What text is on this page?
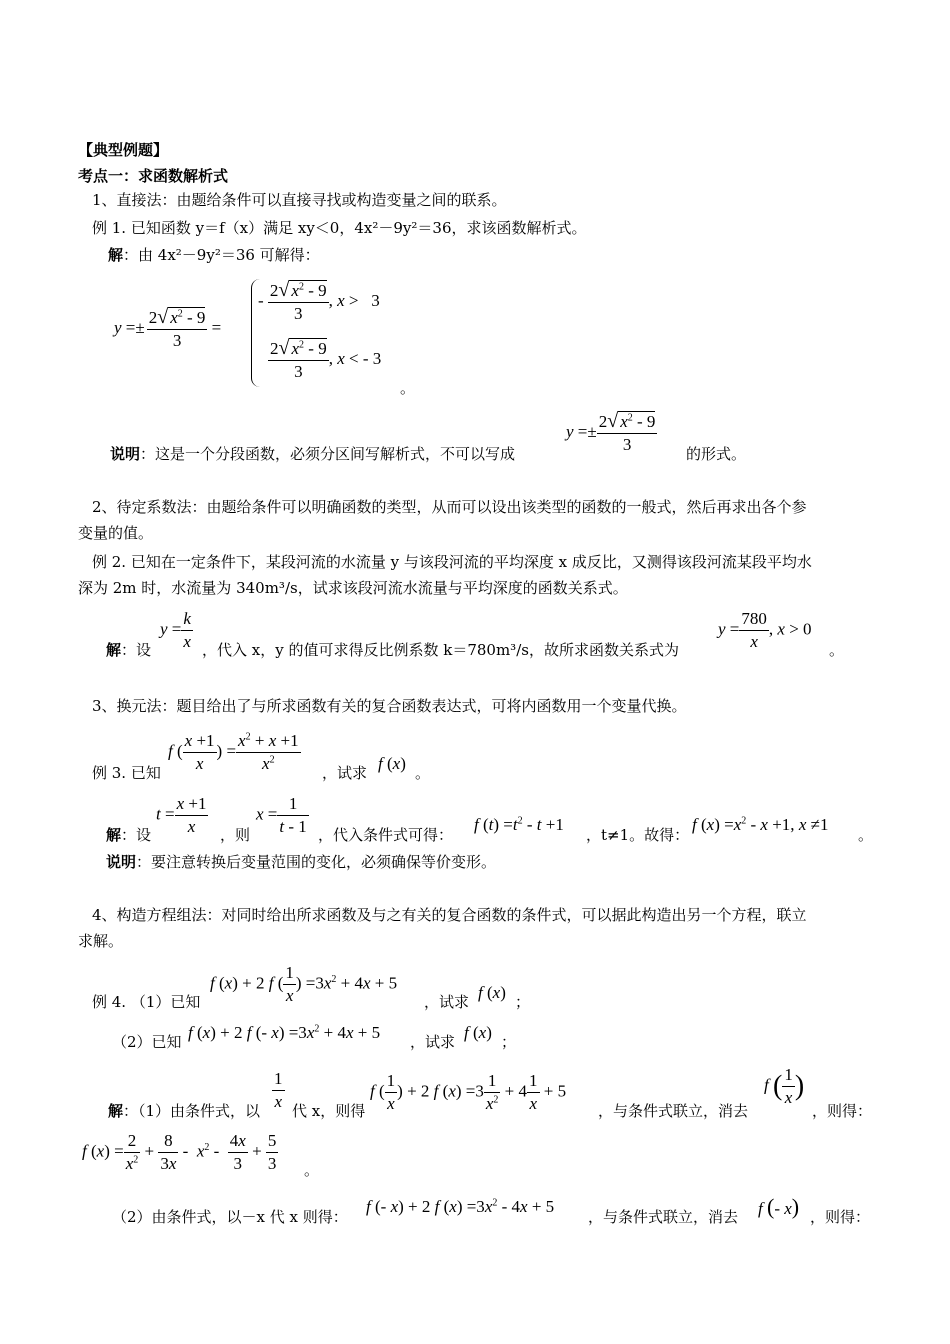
【典型例题】
考点一：求函数解析式
1、直接法：由题给条件可以直接寻找或构造变量之间的联系。
例 1. 已知函数 y＝f（x）满足 xy＜0，4x²－9y²＝36，求该函数解析式。
解：由 4x²－9y²＝36 可解得：
$y =\pm \frac{2√ x^2 - 9}{3}$ =
- $\frac{2√ x^2 - 9}{3}$ , x >   3
$\frac{2√ x^2 - 9}{3}$ , x < - 3
。
说明：这是一个分段函数，必须分区间写解析式，不可以写成
$y =\pm \frac{2√ x^2 - 9}{3}$ 的形式。
2、待定系数法：由题给条件可以明确函数的类型，从而可以设出该类型的函数的一般式，然后再求出各个参
变量的值。
例 2. 已知在一定条件下，某段河流的水流量 y 与该段河流的平均深度 x 成反比，又测得该段河流某段平均水
深为 2m 时，水流量为 340m³/s，试求该段河流水流量与平均深度的函数关系式。
解：设
$y = \frac{k}{x}$ ，代入 x，y 的值可求得反比例系数 k＝780m³/s，故所求函数关系式为
$y = \frac{780}{x}$ , x > 0
。
3、换元法：题目给出了与所求函数有关的复合函数表达式，可将内函数用一个变量代换。
例 3. 已知
f ( $\frac{x +1}{x}$ ) = $\frac{x^2 + x +1}{x^2}$ ，试求 f (x) 。
解：设
$t = \frac{x +1}{x}$ ，则
$x = \frac{1}{t - 1}$ ，代入条件式可得：
f $(t) =t^2 - t +1$
，t≠1。故得：
f $(x) =x^2 - x +1$, x ≠1
。
说明：要注意转换后变量范围的变化，必须确保等价变形。
4、构造方程组法：对同时给出所求函数及与之有关的复合函数的条件式，可以据此构造出另一个方程，联立
求解。
例 4. （1）已知
f (x) + 2 f ( $\frac{1}{x}$ ) $=3x^2 + 4x + 5$
，试求 f (x) ；
（2）已知 f (x) + 2 f (- $x) =3x^2 + 4x + 5$ ，试求 f (x) ；
解：（1）由条件式，以 $\frac{1}{x}$ 代 x，则得
f ( $\frac{1}{x}$ ) + 2 f $(x) =3 \frac{1}{x^2} + 4 \frac{1}{x} + 5$
，与条件式联立，消去
f ( $\frac{1}{x}$ )
，则得：
f $(x) = \frac{2}{x^2} + \frac{8}{3x} - x^2 - \frac{4x}{3} + \frac{5}{3}$ 。
（2）由条件式，以－x 代 x 则得：
f (- x) + 2 f $(x) =3x^2 - 4x + 5$
，与条件式联立，消去 f (- x) ，则得：
